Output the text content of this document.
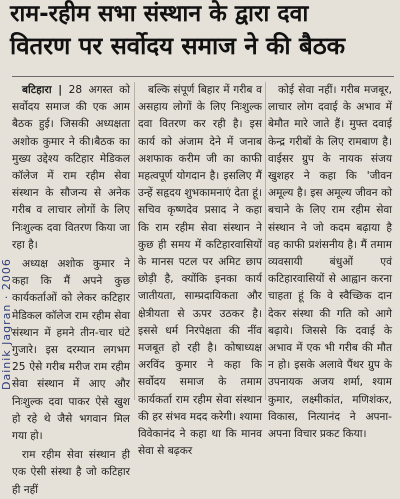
राम-रहीम सभा संस्थान के द्वारा दवा
वितरण पर सर्वोदय समाज ने की बैठक
Dainik Jagran · 2006

बटिहारा | 28 अगस्त को सर्वोदय समाज की एक आम बैठक हुई। जिसकी अध्यक्षता अशोक कुमार ने की।बैठक का मुख्य उद्देश्य कटिहार मेडिकल कॉलेज में राम रहीम सेवा संस्थान के सौजन्य से अनेक गरीब व लाचार लोगों के लिए निःशुल्क दवा वितरण किया जा रहा है।

अध्यक्ष अशोक कुमार ने कहा कि मैं अपने कुछ कार्यकर्ताओं को लेकर कटिहार मेडिकल कॉलेज राम रहीम सेवा संस्थान में हमने तीन-चार घंटे गुजारे। इस दरम्यान लगभग 25 ऐसे गरीब मरीज राम रहीम सेवा संस्थान में आए और निःशुल्क दवा पाकर ऐसे खुश हो रहे थे जैसे भगवान मिल गया हो।

राम रहीम सेवा संस्थान ही एक ऐसी संस्था है जो कटिहार ही नहीं

बल्कि संपूर्ण बिहार में गरीब व असहाय लोगों के लिए निःशुल्क दवा वितरण कर रही है। इस कार्य को अंजाम देने में जनाब अशफाक करीम जी का काफी महत्वपूर्ण योगदान है। इसलिए मैं उन्हें सहृदय शुभकामनाएं देता हूं। सचिव कृष्णदेव प्रसाद ने कहा कि राम रहीम सेवा संस्थान ने कुछ ही समय में कटिहारवासियों के मानस पटल पर अमिट छाप छोड़ी है, क्योंकि इनका कार्य जातीयता, साम्प्रदायिकता और क्षेत्रीयता से ऊपर उठकर है। इससे धर्म निरपेक्षता की नींव मजबूत हो रही है। कोषाध्यक्ष अरविंद कुमार ने कहा कि सर्वोदय समाज के तमाम कार्यकर्ता राम रहीम सेवा संस्थान की हर संभव मदद करेगी। श्यामा विवेकानंद ने कहा था कि मानव सेवा से बढ़कर

कोई सेवा नहीं। गरीब मजबूर, लाचार लोग दवाई के अभाव में बेमौत मारे जाते हैं। मुफ्त दवाई केन्द्र गरीबों के लिए रामबाण है। वाईसर ग्रुप के नायक संजय खुशहर ने कहा कि 'जीवन अमूल्य है। इस अमूल्य जीवन को बचाने के लिए राम रहीम सेवा संस्थान ने जो कदम बढ़ाया है वह काफी प्रशंसनीय है। मैं तमाम व्यवसायी बंधुओं एवं कटिहारवासियों से आह्वान करना चाहता हूं कि वे स्वैच्छिक दान देकर संस्था की गति को आगे बढ़ाये। जिससे कि दवाई के अभाव में एक भी गरीब की मौत न हो। इसके अलावे पैंथर ग्रुप के उपनायक अजय शर्मा, श्याम कुमार, लक्ष्मीकांत, मणिशंकर, विकास, नित्यानंद ने अपना-अपना विचार प्रकट किया।
